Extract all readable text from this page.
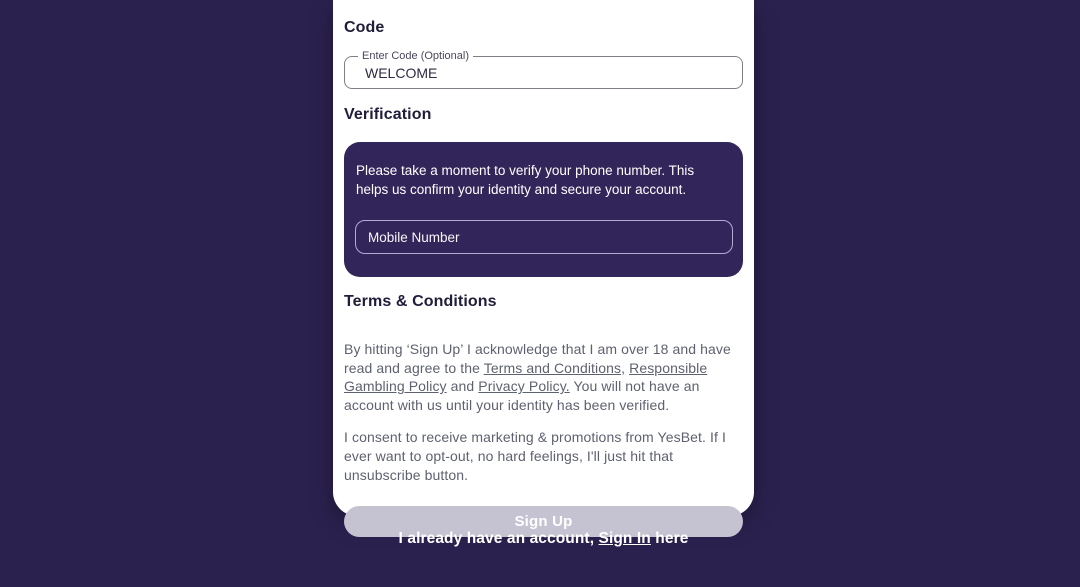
Code
Enter Code (Optional)
WELCOME
Verification

Please take a moment to verify your phone number. This helps us confirm your identity and secure your account.

Mobile Number
Terms & Conditions

By hitting ‘Sign Up’ I acknowledge that I am over 18 and have read and agree to the Terms and Conditions, Responsible Gambling Policy and Privacy Policy. You will not have an account with us until your identity has been verified.

I consent to receive marketing & promotions from YesBet. If I ever want to opt-out, no hard feelings, I'll just hit that unsubscribe button.

Sign Up
I already have an account, Sign In here
